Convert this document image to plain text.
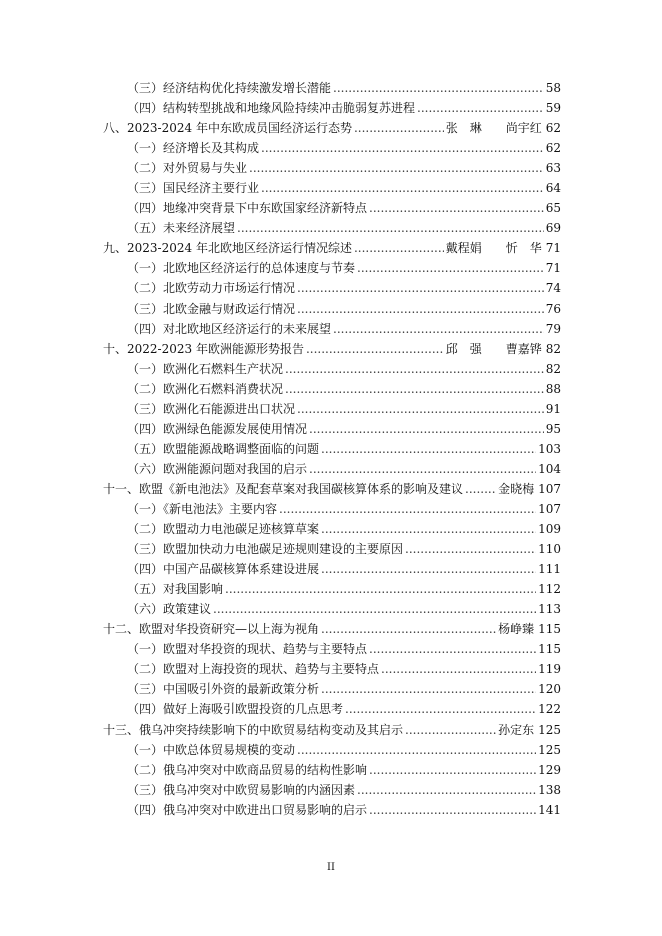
（三）经济结构优化持续激发增长潜能 .....	58
（四）结构转型挑战和地缘风险持续冲击脆弱复苏进程 .....	59
八、2023-2024 年中东欧成员国经济运行态势 .....	张　琳　　尚宇红 62
（一）经济增长及其构成 .....	62
（二）对外贸易与失业 .....	63
（三）国民经济主要行业 .....	64
（四）地缘冲突背景下中东欧国家经济新特点 .....	65
（五）未来经济展望 .....	69
九、2023-2024 年北欧地区经济运行情况综述 .....	戴程娟　　忻　华 71
（一）北欧地区经济运行的总体速度与节奏 .....	71
（二）北欧劳动力市场运行情况 .....	74
（三）北欧金融与财政运行情况 .....	76
（四）对北欧地区经济运行的未来展望 .....	79
十、2022-2023 年欧洲能源形势报告 .....	邱　强　　曹嘉铧 82
（一）欧洲化石燃料生产状况 .....	82
（二）欧洲化石燃料消费状况 .....	88
（三）欧洲化石能源进出口状况 .....	91
（四）欧洲绿色能源发展使用情况 .....	95
（五）欧盟能源战略调整面临的问题 .....	103
（六）欧洲能源问题对我国的启示 .....	104
十一、欧盟《新电池法》及配套草案对我国碳核算体系的影响及建议 .....	金晓梅 107
（一）《新电池法》主要内容 .....	107
（二）欧盟动力电池碳足迹核算草案 .....	109
（三）欧盟加快动力电池碳足迹规则建设的主要原因 .....	110
（四）中国产品碳核算体系建设进展 .....	111
（五）对我国影响 .....	112
（六）政策建议 .....	113
十二、欧盟对华投资研究—以上海为视角 .....	杨峥臻 115
（一）欧盟对华投资的现状、趋势与主要特点 .....	115
（二）欧盟对上海投资的现状、趋势与主要特点 .....	119
（三）中国吸引外资的最新政策分析 .....	120
（四）做好上海吸引欧盟投资的几点思考 .....	122
十三、俄乌冲突持续影响下的中欧贸易结构变动及其启示 .....	孙定东 125
（一）中欧总体贸易规模的变动 .....	125
（二）俄乌冲突对中欧商品贸易的结构性影响 .....	129
（三）俄乌冲突对中欧贸易影响的内涵因素 .....	138
（四）俄乌冲突对中欧进出口贸易影响的启示 .....	141
II
